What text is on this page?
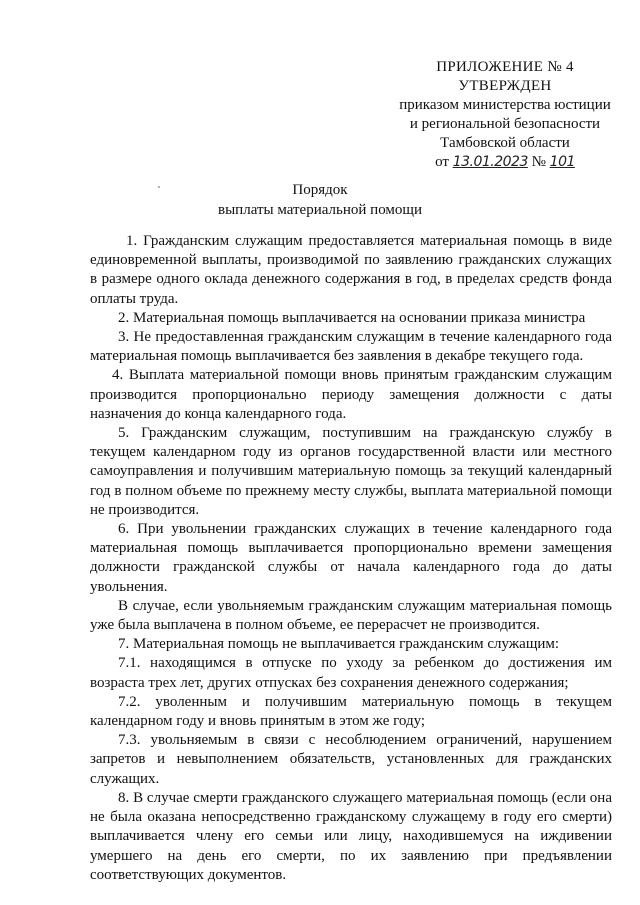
ПРИЛОЖЕНИЕ № 4
УТВЕРЖДЕН
приказом министерства юстиции
и региональной безопасности
Тамбовской области
от 13.01.2023 № 101
Порядок
выплаты материальной помощи

1. Гражданским служащим предоставляется материальная помощь в виде единовременной выплаты, производимой по заявлению гражданских служащих в размере одного оклада денежного содержания в год, в пределах средств фонда оплаты труда.

2. Материальная помощь выплачивается на основании приказа министра

3. Не предоставленная гражданским служащим в течение календарного года материальная помощь выплачивается без заявления в декабре текущего года.

4. Выплата материальной помощи вновь принятым гражданским служащим производится пропорционально периоду замещения должности с даты назначения до конца календарного года.

5. Гражданским служащим, поступившим на гражданскую службу в текущем календарном году из органов государственной власти или местного самоуправления и получившим материальную помощь за текущий календарный год в полном объеме по прежнему месту службы, выплата материальной помощи не производится.

6. При увольнении гражданских служащих в течение календарного года материальная помощь выплачивается пропорционально времени замещения должности гражданской службы от начала календарного года до даты увольнения.

В случае, если увольняемым гражданским служащим материальная помощь уже была выплачена в полном объеме, ее перерасчет не производится.

7. Материальная помощь не выплачивается гражданским служащим:

7.1. находящимся в отпуске по уходу за ребенком до достижения им возраста трех лет, других отпусках без сохранения денежного содержания;

7.2. уволенным и получившим материальную помощь в текущем календарном году и вновь принятым в этом же году;

7.3. увольняемым в связи с несоблюдением ограничений, нарушением запретов и невыполнением обязательств, установленных для гражданских служащих.

8. В случае смерти гражданского служащего материальная помощь (если она не была оказана непосредственно гражданскому служащему в году его смерти) выплачивается члену его семьи или лицу, находившемуся на иждивении умершего на день его смерти, по их заявлению при предъявлении соответствующих документов.
